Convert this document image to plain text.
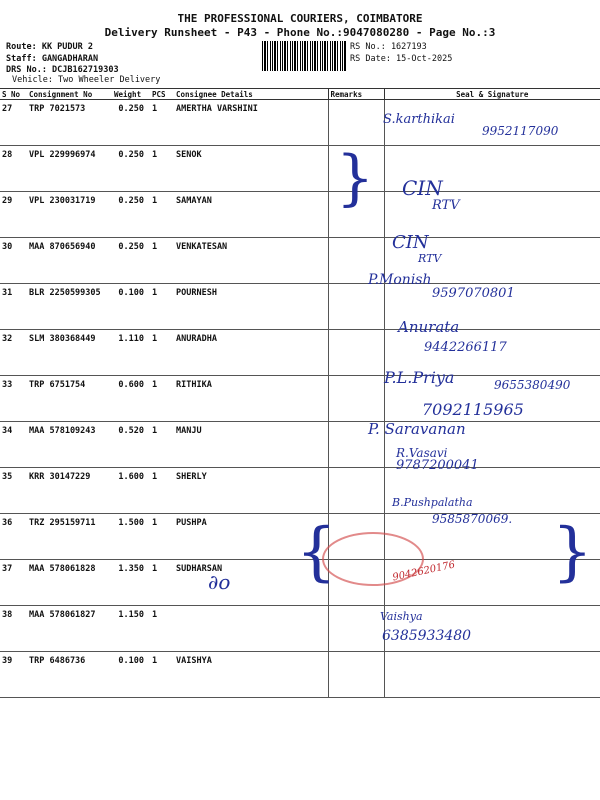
THE PROFESSIONAL COURIERS, COIMBATORE
Delivery Runsheet - P43 - Phone No.:9047080280 - Page No.:3
Route: KK PUDUR 2
Staff: GANGADHARAN
DRS No.: DCJB162719303
Vehicle: Two Wheeler Delivery
RS No.: 1627193
RS Date: 15-Oct-2025
S No	Consignment No	Weight	PCS	Consignee Details	Remarks	Seal & Signature
27	TRP 7021573	0.250	1	AMERTHA VARSHINI		
28	VPL 229996974	0.250	1	SENOK		
29	VPL 230031719	0.250	1	SAMAYAN		
30	MAA 870656940	0.250	1	VENKATESAN		
31	BLR 2250599305	0.100	1	POURNESH		
32	SLM 380368449	1.110	1	ANURADHA		
33	TRP 6751754	0.600	1	RITHIKA		
34	MAA 578109243	0.520	1	MANJU		
35	KRR 30147229	1.600	1	SHERLY		
36	TRZ 295159711	1.500	1	PUSHPA		
37	MAA 578061828	1.350	1	SUDHARSAN		
38	MAA 578061827	1.150	1			
39	TRP 6486736	0.100	1	VAISHYA		
S.karthikai
9952117090
} CIN
RTV
CIN
RTV
P.Monish
9597070801
Anurata
9442266117
P.L.Priya	9655380490
7092115965
P. Saravanan
R.Vasavi
9787200041
B.Pushpalatha
9585870069.
{	}
9042620176
∂o
Vaishya
6385933480
